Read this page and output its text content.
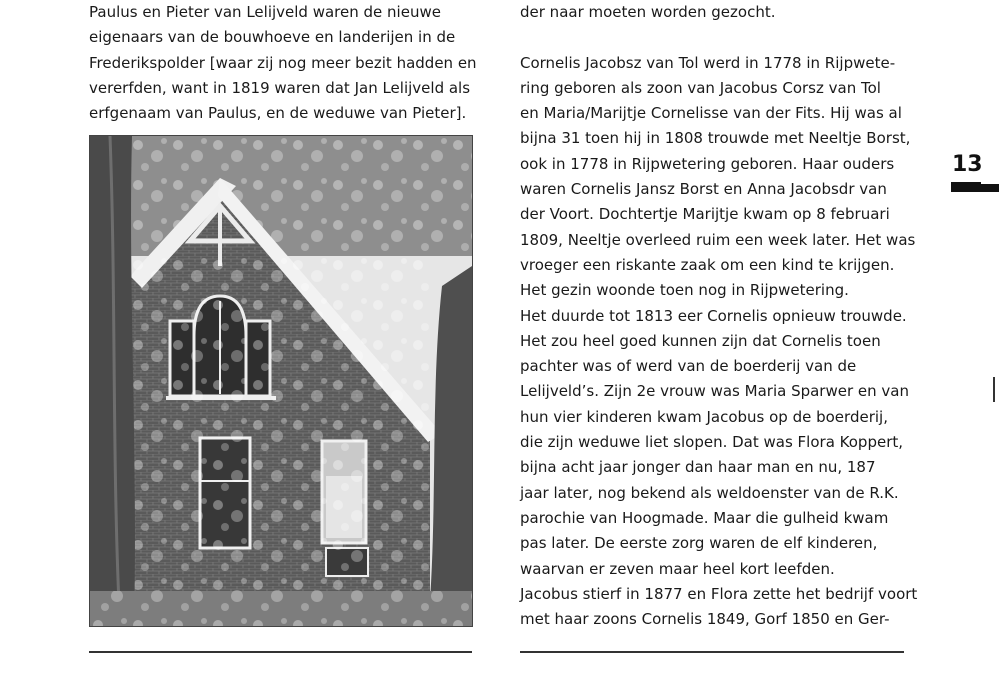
Paulus en Pieter van Lelijveld waren de nieuwe
eigenaars van de bouwhoeve en landerijen in de
Frederikspolder [waar zij nog meer bezit hadden en
vererfden, want in 1819 waren dat Jan Lelijveld als
erfgenaam van Paulus, en de weduwe van Pieter].
der naar moeten worden gezocht.
Cornelis Jacobsz van Tol werd in 1778 in Rijpwete-
ring geboren als zoon van Jacobus Corsz van Tol
en Maria/Marijtje Cornelisse van der Fits. Hij was al
bijna 31 toen hij in 1808 trouwde met Neeltje Borst,
ook in 1778 in Rijpwetering geboren. Haar ouders
waren Cornelis Jansz Borst en Anna Jacobsdr van
der Voort. Dochtertje Marijtje kwam op 8 februari
1809, Neeltje overleed ruim een week later. Het was
vroeger een riskante zaak om een kind te krijgen.
Het gezin woonde toen nog in Rijpwetering.
Het duurde tot 1813 eer Cornelis opnieuw trouwde.
Het zou heel goed kunnen zijn dat Cornelis toen
pachter was of werd van de boerderij van de
Lelijveld’s. Zijn 2e vrouw was Maria Sparwer en van
hun vier kinderen kwam Jacobus op de boerderij,
die zijn weduwe liet slopen. Dat was Flora Koppert,
bijna acht jaar jonger dan haar man en nu, 187
jaar later, nog bekend als weldoenster van de R.K.
parochie van Hoogmade. Maar die gulheid kwam
pas later. De eerste zorg waren de elf kinderen,
waarvan er zeven maar heel kort leefden.
Jacobus stierf in 1877 en Flora zette het bedrijf voort
met haar zoons Cornelis 1849, Gorf 1850 en Ger-
13
